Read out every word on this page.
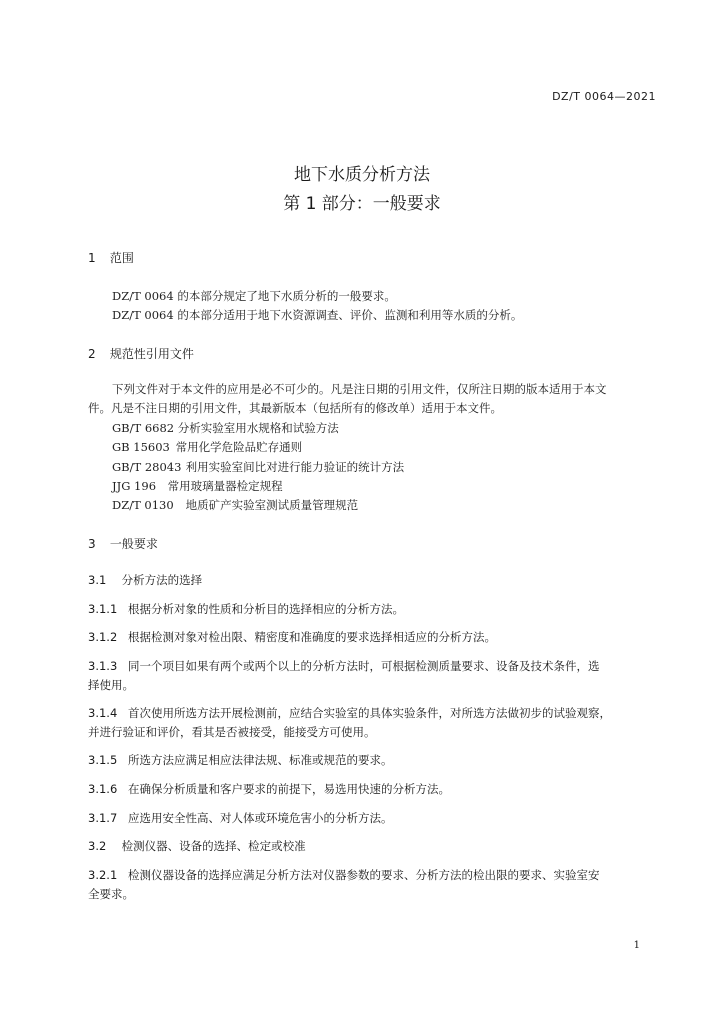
DZ/T 0064—2021
地下水质分析方法
第 1 部分：一般要求
1 范围
DZ/T 0064 的本部分规定了地下水质分析的一般要求。
DZ/T 0064 的本部分适用于地下水资源调查、评价、监测和利用等水质的分析。
2 规范性引用文件
下列文件对于本文件的应用是必不可少的。凡是注日期的引用文件，仅所注日期的版本适用于本文
件。凡是不注日期的引用文件，其最新版本（包括所有的修改单）适用于本文件。
GB/T 6682 分析实验室用水规格和试验方法
GB 15603 常用化学危险品贮存通则
GB/T 28043 利用实验室间比对进行能力验证的统计方法
JJG 196 常用玻璃量器检定规程
DZ/T 0130 地质矿产实验室测试质量管理规范
3 一般要求
3.1 分析方法的选择
3.1.1 根据分析对象的性质和分析目的选择相应的分析方法。
3.1.2 根据检测对象对检出限、精密度和准确度的要求选择相适应的分析方法。
3.1.3 同一个项目如果有两个或两个以上的分析方法时，可根据检测质量要求、设备及技术条件，选
择使用。
3.1.4 首次使用所选方法开展检测前，应结合实验室的具体实验条件，对所选方法做初步的试验观察，
并进行验证和评价，看其是否被接受，能接受方可使用。
3.1.5 所选方法应满足相应法律法规、标准或规范的要求。
3.1.6 在确保分析质量和客户要求的前提下，易选用快速的分析方法。
3.1.7 应选用安全性高、对人体或环境危害小的分析方法。
3.2 检测仪器、设备的选择、检定或校准
3.2.1 检测仪器设备的选择应满足分析方法对仪器参数的要求、分析方法的检出限的要求、实验室安
全要求。
1
